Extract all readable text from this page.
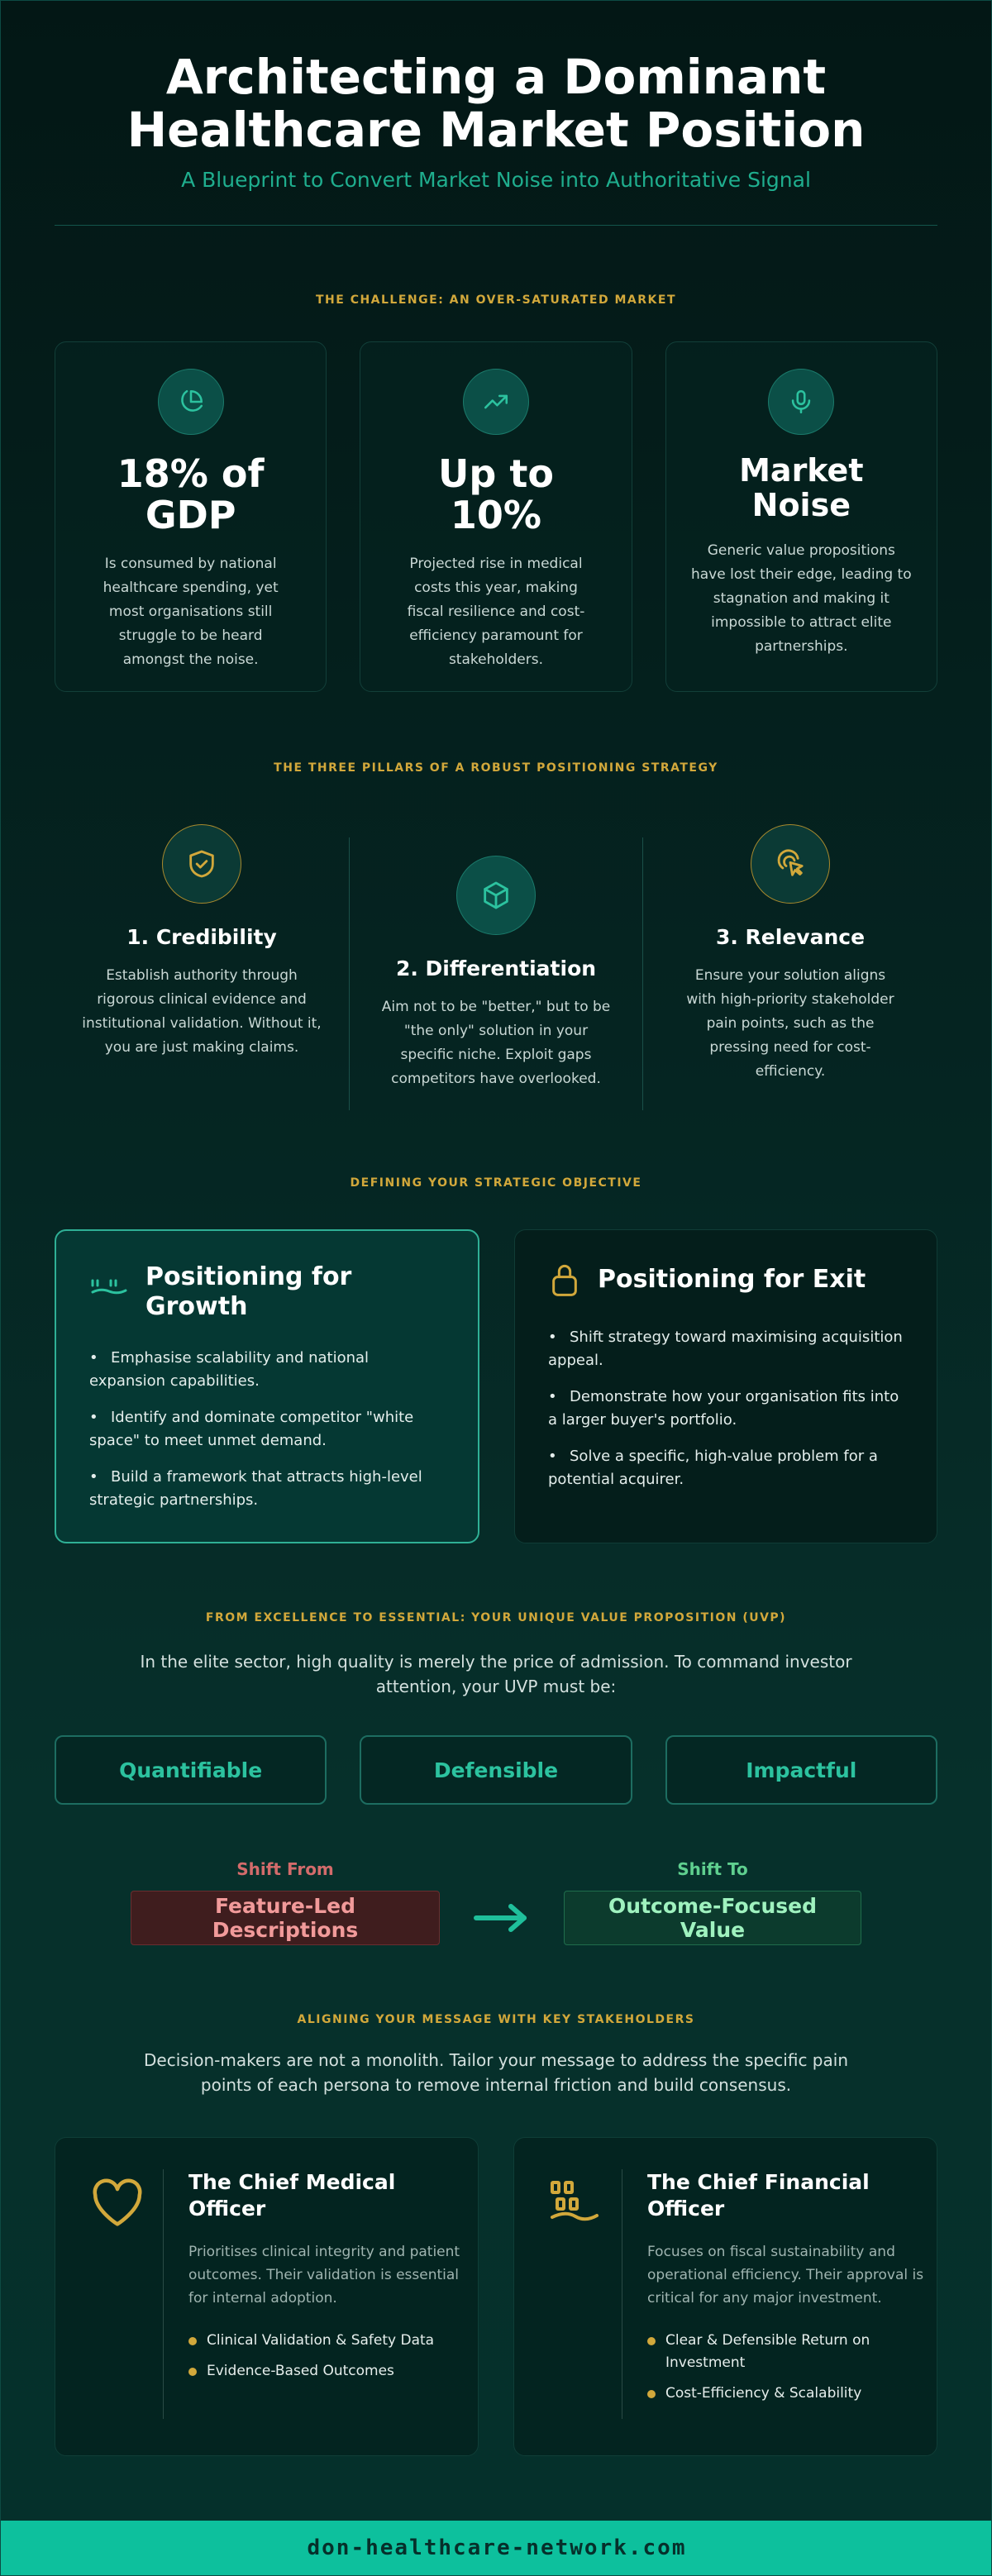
Architecting a Dominant Healthcare Market Position
A Blueprint to Convert Market Noise into Authoritative Signal
THE CHALLENGE: AN OVER-SATURATED MARKET
18% of GDP
Is consumed by national healthcare spending, yet most organisations still struggle to be heard amongst the noise.
Up to 10%
Projected rise in medical costs this year, making fiscal resilience and cost-efficiency paramount for stakeholders.
Market Noise
Generic value propositions have lost their edge, leading to stagnation and making it impossible to attract elite partnerships.
THE THREE PILLARS OF A ROBUST POSITIONING STRATEGY
1. Credibility
Establish authority through rigorous clinical evidence and institutional validation. Without it, you are just making claims.
2. Differentiation
Aim not to be "better," but to be "the only" solution in your specific niche. Exploit gaps competitors have overlooked.
3. Relevance
Ensure your solution aligns with high-priority stakeholder pain points, such as the pressing need for cost-efficiency.
DEFINING YOUR STRATEGIC OBJECTIVE
Positioning for Growth
• Emphasise scalability and national expansion capabilities.
• Identify and dominate competitor "white space" to meet unmet demand.
• Build a framework that attracts high-level strategic partnerships.
Positioning for Exit
• Shift strategy toward maximising acquisition appeal.
• Demonstrate how your organisation fits into a larger buyer's portfolio.
• Solve a specific, high-value problem for a potential acquirer.
FROM EXCELLENCE TO ESSENTIAL: YOUR UNIQUE VALUE PROPOSITION (UVP)
In the elite sector, high quality is merely the price of admission. To command investor attention, your UVP must be:
Quantifiable	Defensible	Impactful
Shift From
Feature-Led Descriptions
Shift To
Outcome-Focused Value
ALIGNING YOUR MESSAGE WITH KEY STAKEHOLDERS
Decision-makers are not a monolith. Tailor your message to address the specific pain points of each persona to remove internal friction and build consensus.
The Chief Medical Officer
Prioritises clinical integrity and patient outcomes. Their validation is essential for internal adoption.
Clinical Validation & Safety Data
Evidence-Based Outcomes
The Chief Financial Officer
Focuses on fiscal sustainability and operational efficiency. Their approval is critical for any major investment.
Clear & Defensible Return on Investment
Cost-Efficiency & Scalability
don-healthcare-network.com
